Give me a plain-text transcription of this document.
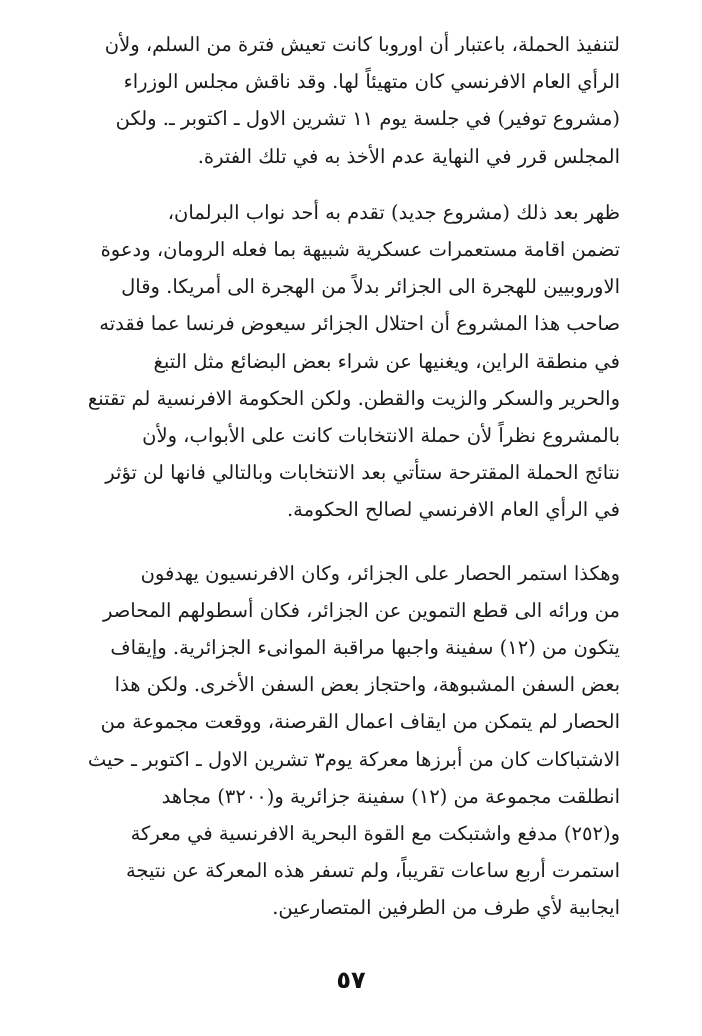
لتنفيذ الحملة، باعتبار أن اوروبا كانت تعيش فترة من السلم، ولأن
الرأي العام الافرنسي كان متهيئاً لها. وقد ناقش مجلس الوزراء
(مشروع توفير) في جلسة يوم ١١ تشرين الاول ـ اكتوبر ـ. ولكن
المجلس قرر في النهاية عدم الأخذ به في تلك الفترة.

ظهر بعد ذلك (مشروع جديد) تقدم به أحد نواب البرلمان،
تضمن اقامة مستعمرات عسكرية شبيهة بما فعله الرومان، ودعوة
الاوروبيين للهجرة الى الجزائر بدلاً من الهجرة الى أمريكا. وقال
صاحب هذا المشروع أن احتلال الجزائر سيعوض فرنسا عما فقدته
في منطقة الراين، ويغنيها عن شراء بعض البضائع مثل التبغ
والحرير والسكر والزيت والقطن. ولكن الحكومة الافرنسية لم تقتنع
بالمشروع نظراً لأن حملة الانتخابات كانت على الأبواب، ولأن
نتائج الحملة المقترحة ستأتي بعد الانتخابات وبالتالي فانها لن تؤثر
في الرأي العام الافرنسي لصالح الحكومة.

وهكذا استمر الحصار على الجزائر، وكان الافرنسيون يهدفون
من ورائه الى قطع التموين عن الجزائر، فكان أسطولهم المحاصر
يتكون من (١٢) سفينة واجبها مراقبة الموانىء الجزائرية. وإيقاف
بعض السفن المشبوهة، واحتجاز بعض السفن الأخرى. ولكن هذا
الحصار لم يتمكن من ايقاف اعمال القرصنة، ووقعت مجموعة من
الاشتباكات كان من أبرزها معركة يوم٣ تشرين الاول ـ اكتوبر ـ حيث
انطلقت مجموعة من (١٢) سفينة جزائرية و(٣٢٠٠) مجاهد
و(٢٥٢) مدفع واشتبكت مع القوة البحرية الافرنسية في معركة
استمرت أربع ساعات تقريباً، ولم تسفر هذه المعركة عن نتيجة
ايجابية لأي طرف من الطرفين المتصارعين.

٥٧
